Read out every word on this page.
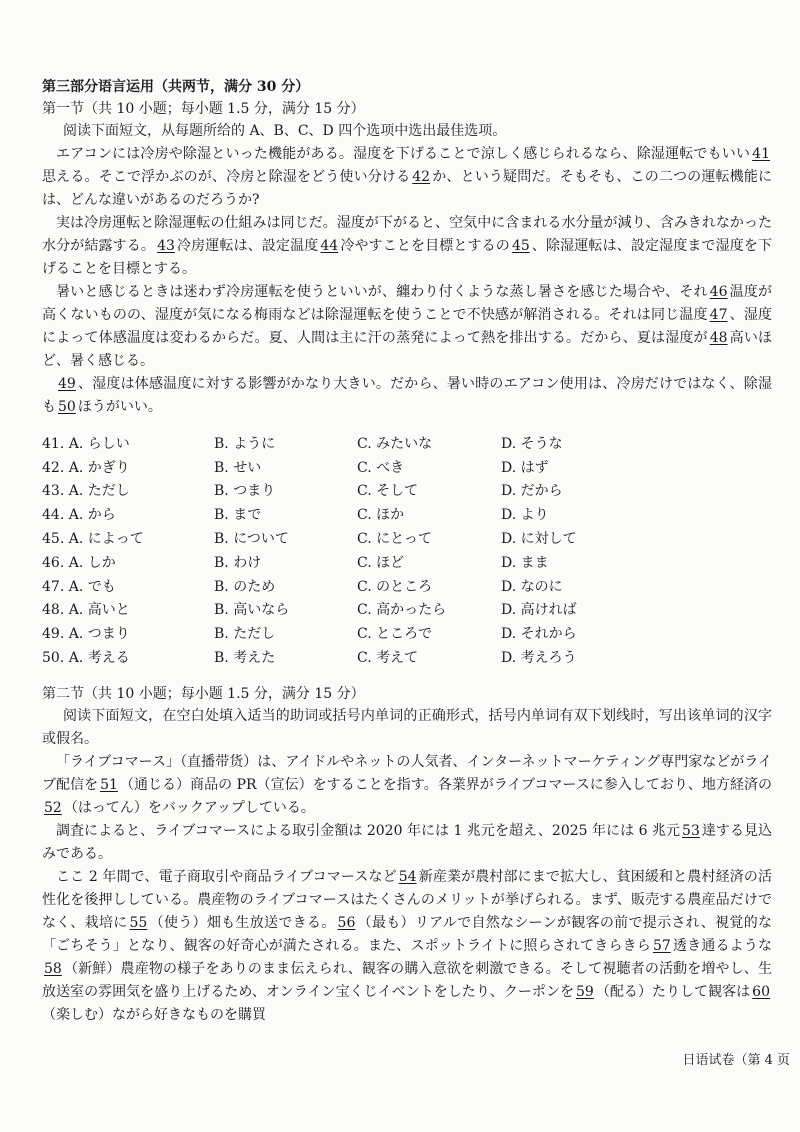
第三部分语言运用（共两节，满分 30 分）
第一节（共 10 小题；每小题 1.5 分，满分 15 分）
阅读下面短文，从每题所给的 A、B、C、D 四个选项中选出最佳选项。
エアコンには冷房や除湿といった機能がある。湿度を下げることで涼しく感じられるなら、除湿運転でもいい 41思える。そこで浮かぶのが、冷房と除湿をどう使い分ける 42 か、という疑問だ。そもそも、この二つの運転機能には、どんな違いがあるのだろうか?
実は冷房運転と除湿運転の仕組みは同じだ。湿度が下がると、空気中に含まれる水分量が減り、含みきれなかった水分が結露する。 43 冷房運転は、設定温度 44 冷やすことを目標とするの 45 、除湿運転は、設定湿度まで湿度を下げることを目標とする。
暑いと感じるときは迷わず冷房運転を使うといいが、纏わり付くような蒸し暑さを感じた場合や、それ 46 温度が高くないものの、湿度が気になる梅雨などは除湿運転を使うことで不快感が解消される。それは同じ温度 47 、湿度によって体感温度は変わるからだ。夏、人間は主に汗の蒸発によって熱を排出する。だから、夏は湿度が 48 高いほど、暑く感じる。
49 、湿度は体感温度に対する影響がかなり大きい。だから、暑い時のエアコン使用は、冷房だけではなく、除湿も 50 ほうがいい。
41. A. らしい	B. ように	C. みたいな	D. そうな
42. A. かぎり	B. せい	C. べき	D. はず
43. A. ただし	B. つまり	C. そして	D. だから
44. A. から	B. まで	C. ほか	D. より
45. A. によって	B. について	C. にとって	D. に対して
46. A. しか	B. わけ	C. ほど	D. まま
47. A. でも	B. のため	C. のところ	D. なのに
48. A. 高いと	B. 高いなら	C. 高かったら	D. 高ければ
49. A. つまり	B. ただし	C. ところで	D. それから
50. A. 考える	B. 考えた	C. 考えて	D. 考えろう
第二节（共 10 小题；每小题 1.5 分，满分 15 分）
阅读下面短文，在空白处填入适当的助词或括号内单词的正确形式，括号内单词有双下划线时，写出该单词的汉字或假名。
「ライブコマース」（直播带货）は、アイドルやネットの人気者、インターネットマーケティング専門家などがライブ配信を 51 （通じる）商品の PR（宣伝）をすることを指す。各業界がライブコマースに参入しており、地方経済の52 （はってん）をバックアップしている。
調査によると、ライブコマースによる取引金額は 2020 年には 1 兆元を超え、2025 年には 6 兆元 53 達する見込みである。
ここ 2 年間で、電子商取引や商品ライブコマースなど 54 新産業が農村部にまで拡大し、貧困緩和と農村経済の活性化を後押ししている。農産物のライブコマースはたくさんのメリットが挙げられる。まず、販売する農産品だけでなく、栽培に 55 （使う）畑も生放送できる。 56 （最も）リアルで自然なシーンが観客の前で提示され、視覚的な「ごちそう」となり、観客の好奇心が満たされる。また、スポットライトに照らされてきらきら 57 透き通るような58 （新鮮）農産物の様子をありのまま伝えられ、観客の購入意欲を刺激できる。そして視聴者の活動を増やし、生放送室の雰囲気を盛り上げるため、オンライン宝くじイベントをしたり、クーポンを 59 （配る）たりして観客は 60（楽しむ）ながら好きなものを購買
日语试卷（第 4 页
